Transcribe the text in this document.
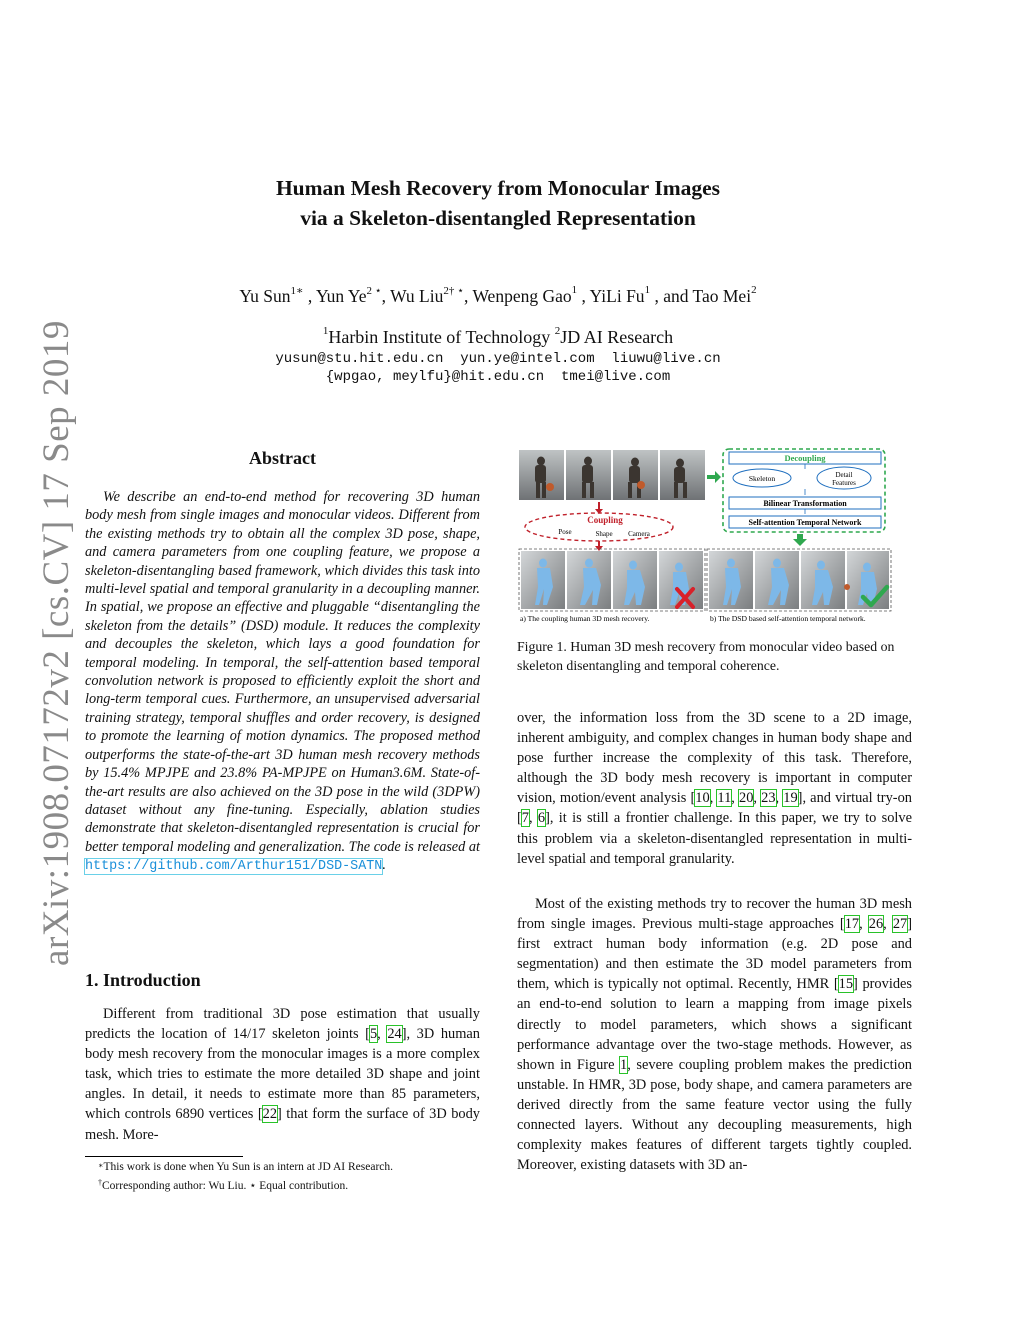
arXiv:1908.07172v2 [cs.CV] 17 Sep 2019
Human Mesh Recovery from Monocular Images
via a Skeleton-disentangled Representation
Yu Sun$^{1∗}$ , Yun $Ye^{2 ⋆}$, Wu Liu$^{2\dagger ⋆}$, Wenpeng Gao$^1$ , YiLi Fu$^1$ , and Tao Mei$^2$
$^1$Harbin Institute of Technology $^2$JD AI Research
yusun@stu.hit.edu.cn  yun.ye@intel.com  liuwu@live.cn
{wpgao, meylfu}@hit.edu.cn  tmei@live.com
Abstract
We describe an end-to-end method for recovering 3D human body mesh from single images and monocular videos. Different from the existing methods try to obtain all the complex 3D pose, shape, and camera parameters from one coupling feature, we propose a skeleton-disentangling based framework, which divides this task into multi-level spatial and temporal granularity in a decoupling manner. In spatial, we propose an effective and pluggable “disentangling the skeleton from the details” (DSD) module. It reduces the complexity and decouples the skeleton, which lays a good foundation for temporal modeling. In temporal, the self-attention based temporal convolution network is proposed to efficiently exploit the short and long-term temporal cues. Furthermore, an unsupervised adversarial training strategy, temporal shuffles and order recovery, is designed to promote the learning of motion dynamics. The proposed method outperforms the state-of-the-art 3D human mesh recovery methods by 15.4% MPJPE and 23.8% PA-MPJPE on Human3.6M. State-of-the-art results are also achieved on the 3D pose in the wild (3DPW) dataset without any fine-tuning. Especially, ablation studies demonstrate that skeleton-disentangled representation is crucial for better temporal modeling and generalization. The code is released at https://github.com/Arthur151/DSD-SATN.
1. Introduction
Different from traditional 3D pose estimation that usually predicts the location of 14/17 skeleton joints [5, 24], 3D human body mesh recovery from the monocular images is a more complex task, which tries to estimate the more detailed 3D shape and joint angles. In detail, it needs to estimate more than 85 parameters, which controls 6890 vertices [22] that form the surface of 3D body mesh. More-
∗This work is done when Yu Sun is an intern at JD AI Research.
†Corresponding author: Wu Liu. ⋆ Equal contribution.
Decoupling
Skeleton	Detail
Features
Bilinear Transformation
Self-attention Temporal Network
Coupling
Pose	Shape Camera
a) The coupling human 3D mesh recovery.	b) The DSD based self-attention temporal network.
Figure 1. Human 3D mesh recovery from monocular video based on skeleton disentangling and temporal coherence.
over, the information loss from the 3D scene to a 2D image, inherent ambiguity, and complex changes in human body shape and pose further increase the complexity of this task. Therefore, although the 3D body mesh recovery is important in computer vision, motion/event analysis [10, 11, 20, 23, 19], and virtual try-on [7, 6], it is still a frontier challenge. In this paper, we try to solve this problem via a skeleton-disentangled representation in multi-level spatial and temporal granularity.
Most of the existing methods try to recover the human 3D mesh from single images. Previous multi-stage approaches [17, 26, 27] first extract human body information (e.g. 2D pose and segmentation) and then estimate the 3D model parameters from them, which is typically not optimal. Recently, HMR [15] provides an end-to-end solution to learn a mapping from image pixels directly to model parameters, which shows a significant performance advantage over the two-stage methods. However, as shown in Figure 1, severe coupling problem makes the prediction unstable. In HMR, 3D pose, body shape, and camera parameters are derived directly from the same feature vector using the fully connected layers. Without any decoupling measurements, high complexity makes features of different targets tightly coupled. Moreover, existing datasets with 3D an-
